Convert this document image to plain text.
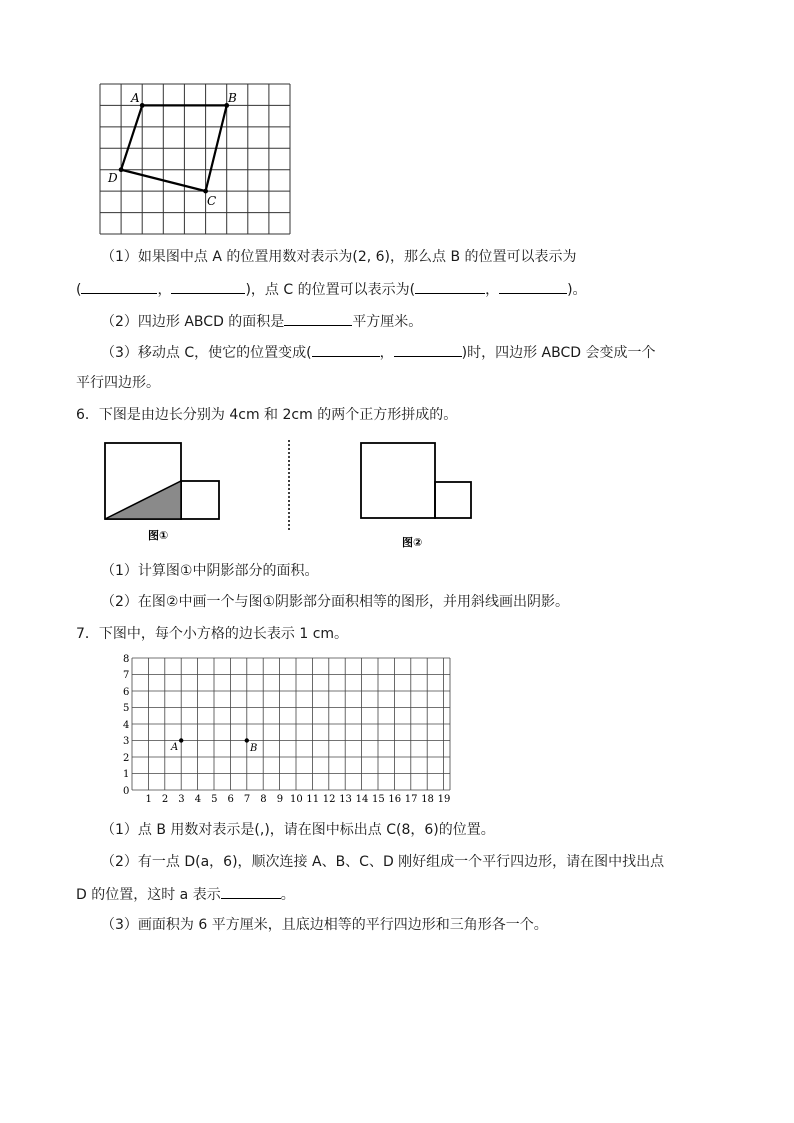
A	B
C
D
（1）如果图中点 A 的位置用数对表示为(2, 6)，那么点 B 的位置可以表示为
(	，	)，点 C 的位置可以表示为(	，	)。
（2）四边形 ABCD 的面积是	平方厘米。
（3）移动点 C，使它的位置变成(	，	)时，四边形 ABCD 会变成一个
平行四边形。
6．下图是由边长分别为 4cm 和 2cm 的两个正方形拼成的。
图①
图②
（1）计算图①中阴影部分的面积。
（2）在图②中画一个与图①阴影部分面积相等的图形，并用斜线画出阴影。
7．下图中，每个小方格的边长表示 1 cm。
8
7
6
5
4
3
2
1
0
1 2 3 4 5 6 7 8 9 10 11 12 13 14 15 16 17 18 19
A	B
（1）点 B 用数对表示是(,)，请在图中标出点 C(8，6)的位置。
（2）有一点 D(a，6)，顺次连接 A、B、C、D 刚好组成一个平行四边形，请在图中找出点
D 的位置，这时 a 表示	。
（3）画面积为 6 平方厘米，且底边相等的平行四边形和三角形各一个。
